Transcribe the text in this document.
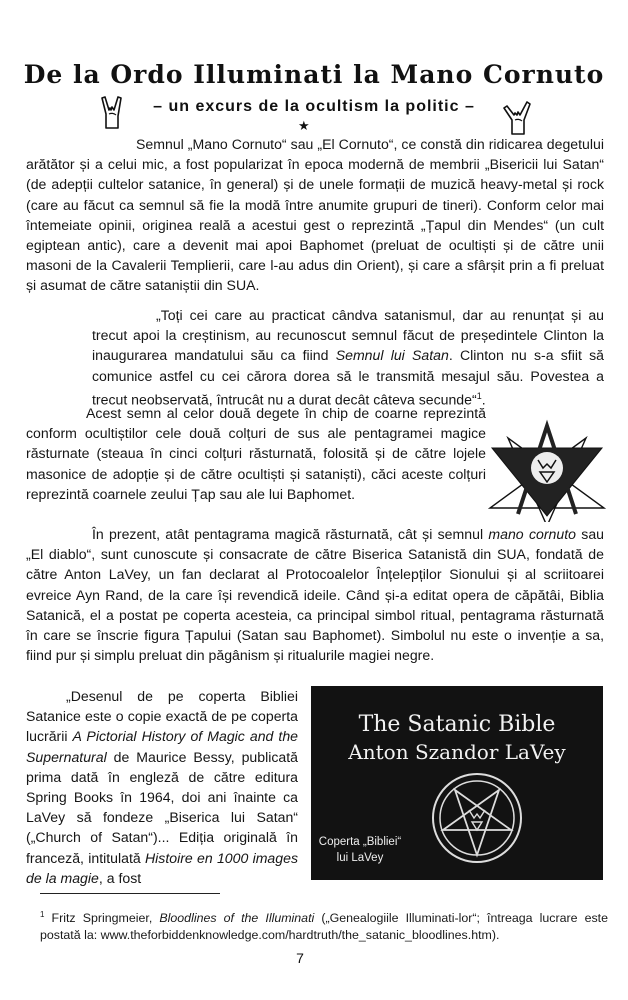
De la Ordo Illuminati la Mano Cornuto
– un excurs de la ocultism la politic –
★
Semnul „Mano Cornuto“ sau „El Cornuto“, ce constă din ridicarea degetului arătător și a celui mic, a fost popularizat în epoca modernă de membrii „Bisericii lui Satan“ (de adepții cultelor satanice, în general) și de unele formații de muzică heavy-metal și rock (care au făcut ca semnul să fie la modă între anumite grupuri de tineri). Conform celor mai întemeiate opinii, originea reală a acestui gest o reprezintă „Țapul din Mendes“ (un cult egiptean antic), care a devenit mai apoi Baphomet (preluat de ocultiști și de către unii masoni de la Cavalerii Templierii, care l-au adus din Orient), și care a sfârșit prin a fi preluat și asumat de către sataniștii din SUA.
„Toți cei care au practicat cândva satanismul, dar au renunțat și au trecut apoi la creștinism, au recunoscut semnul făcut de președintele Clinton la inaugurarea mandatului său ca fiind Semnul lui Satan. Clinton nu s-a sfiit să comunice astfel cu cei cărora dorea să le transmită mesajul său. Povestea a trecut neobservată, întrucât nu a durat decât câteva secunde“$^1$.
Acest semn al celor două degete în chip de coarne reprezintă conform ocultiștilor cele două colțuri de sus ale pentagramei magice răsturnate (steaua în cinci colțuri răsturnată, folosită și de către lojele masonice de adopție și de către ocultiști și sataniști), căci aceste colțuri reprezintă coarnele zeului Țap sau ale lui Baphomet.
În prezent, atât pentagrama magică răsturnată, cât și semnul mano cornuto sau „El diablo“, sunt cunoscute și consacrate de către Biserica Satanistă din SUA, fondată de către Anton LaVey, un fan declarat al Protocoalelor Înțelepților Sionului și al scriitoarei evreice Ayn Rand, de la care își revendică ideile. Când și-a editat opera de căpătâi, Biblia Satanică, el a postat pe coperta acesteia, ca principal simbol ritual, pentagrama răsturnată în care se înscrie figura Țapului (Satan sau Baphomet). Simbolul nu este o invenție a sa, fiind pur și simplu preluat din păgânism și ritualurile magiei negre.
„Desenul de pe coperta Bibliei Satanice este o copie exactă de pe coperta lucrării A Pictorial History of Magic and the Supernatural de Maurice Bessy, publicată prima dată în engleză de către editura Spring Books în 1964, doi ani înainte ca LaVey să fondeze „Biserica lui Satan“ („Church of Satan“)... Ediția originală în franceză, intitulată Histoire en 1000 images de la magie, a fost
The Satanic Bible
Anton Szandor LaVey
Coperta „Bibliei“ lui LaVey
$^1$ Fritz Springmeier, Bloodlines of the Illuminati („Genealogiile Illuminati-lor“; întreaga lucrare este postată la: www.theforbiddenknowledge.com/hardtruth/the_satanic_bloodlines.htm).
7
